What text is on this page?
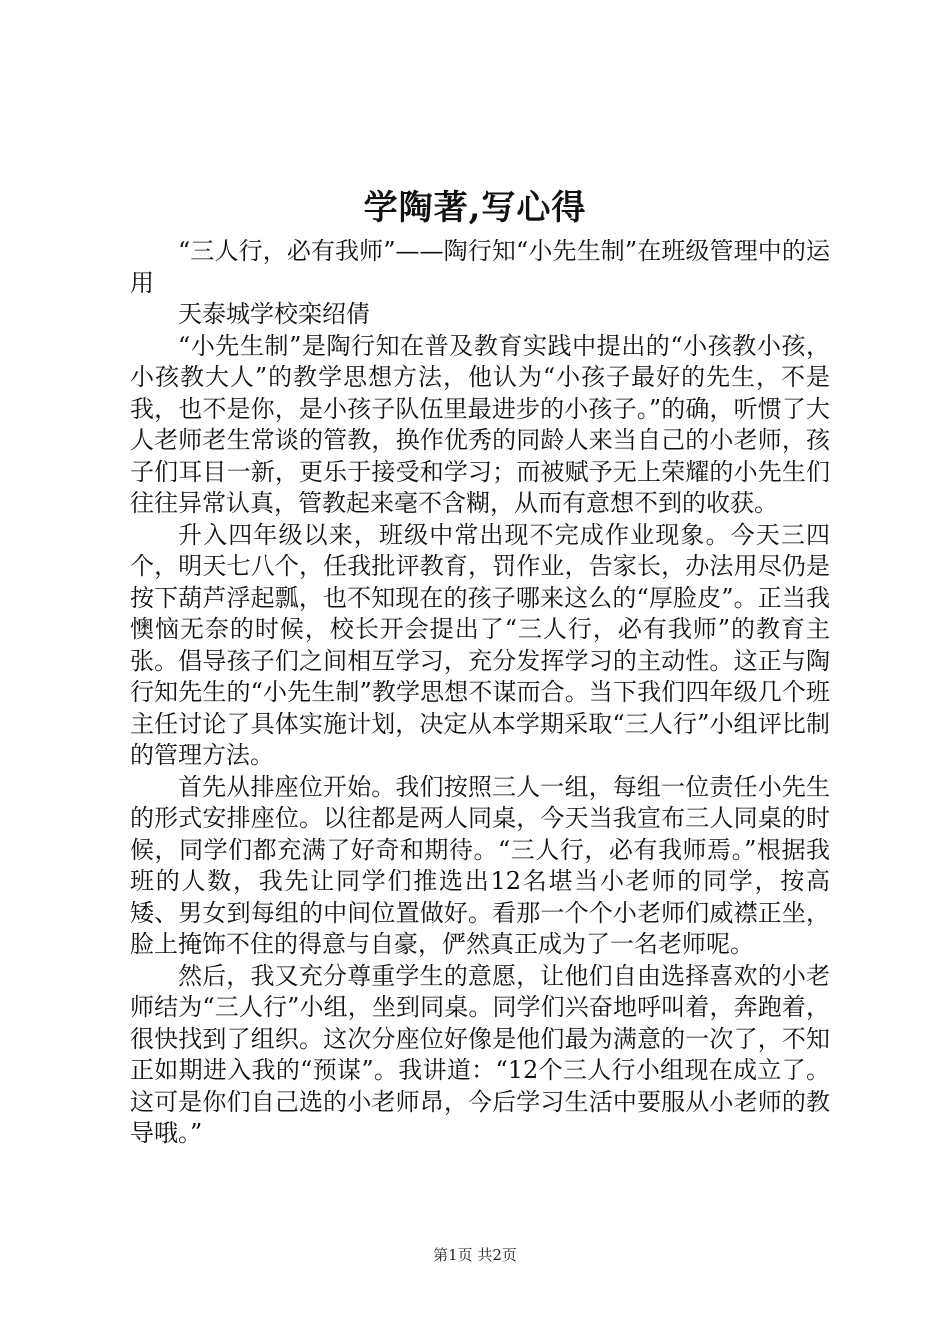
学陶著,写心得

“三人行，必有我师”——陶行知“小先生制”在班级管理中的运用

天泰城学校栾绍倩

“小先生制”是陶行知在普及教育实践中提出的“小孩教小孩，小孩教大人”的教学思想方法，他认为“小孩子最好的先生，不是我，也不是你，是小孩子队伍里最进步的小孩子。”的确，听惯了大人老师老生常谈的管教，换作优秀的同龄人来当自己的小老师，孩子们耳目一新，更乐于接受和学习；而被赋予无上荣耀的小先生们往往异常认真，管教起来毫不含糊，从而有意想不到的收获。

升入四年级以来，班级中常出现不完成作业现象。今天三四个，明天七八个，任我批评教育，罚作业，告家长，办法用尽仍是按下葫芦浮起瓢，也不知现在的孩子哪来这么的“厚脸皮”。正当我懊恼无奈的时候，校长开会提出了“三人行，必有我师”的教育主张。倡导孩子们之间相互学习，充分发挥学习的主动性。这正与陶行知先生的“小先生制”教学思想不谋而合。当下我们四年级几个班主任讨论了具体实施计划，决定从本学期采取“三人行”小组评比制的管理方法。

首先从排座位开始。我们按照三人一组，每组一位责任小先生的形式安排座位。以往都是两人同桌，今天当我宣布三人同桌的时候，同学们都充满了好奇和期待。“三人行，必有我师焉。”根据我班的人数，我先让同学们推选出12名堪当小老师的同学，按高矮、男女到每组的中间位置做好。看那一个个小老师们威襟正坐，脸上掩饰不住的得意与自豪，俨然真正成为了一名老师呢。

然后，我又充分尊重学生的意愿，让他们自由选择喜欢的小老师结为“三人行”小组，坐到同桌。同学们兴奋地呼叫着，奔跑着，很快找到了组织。这次分座位好像是他们最为满意的一次了，不知正如期进入我的“预谋”。我讲道：“12个三人行小组现在成立了。这可是你们自己选的小老师昂，今后学习生活中要服从小老师的教导哦。”

第1页 共2页
